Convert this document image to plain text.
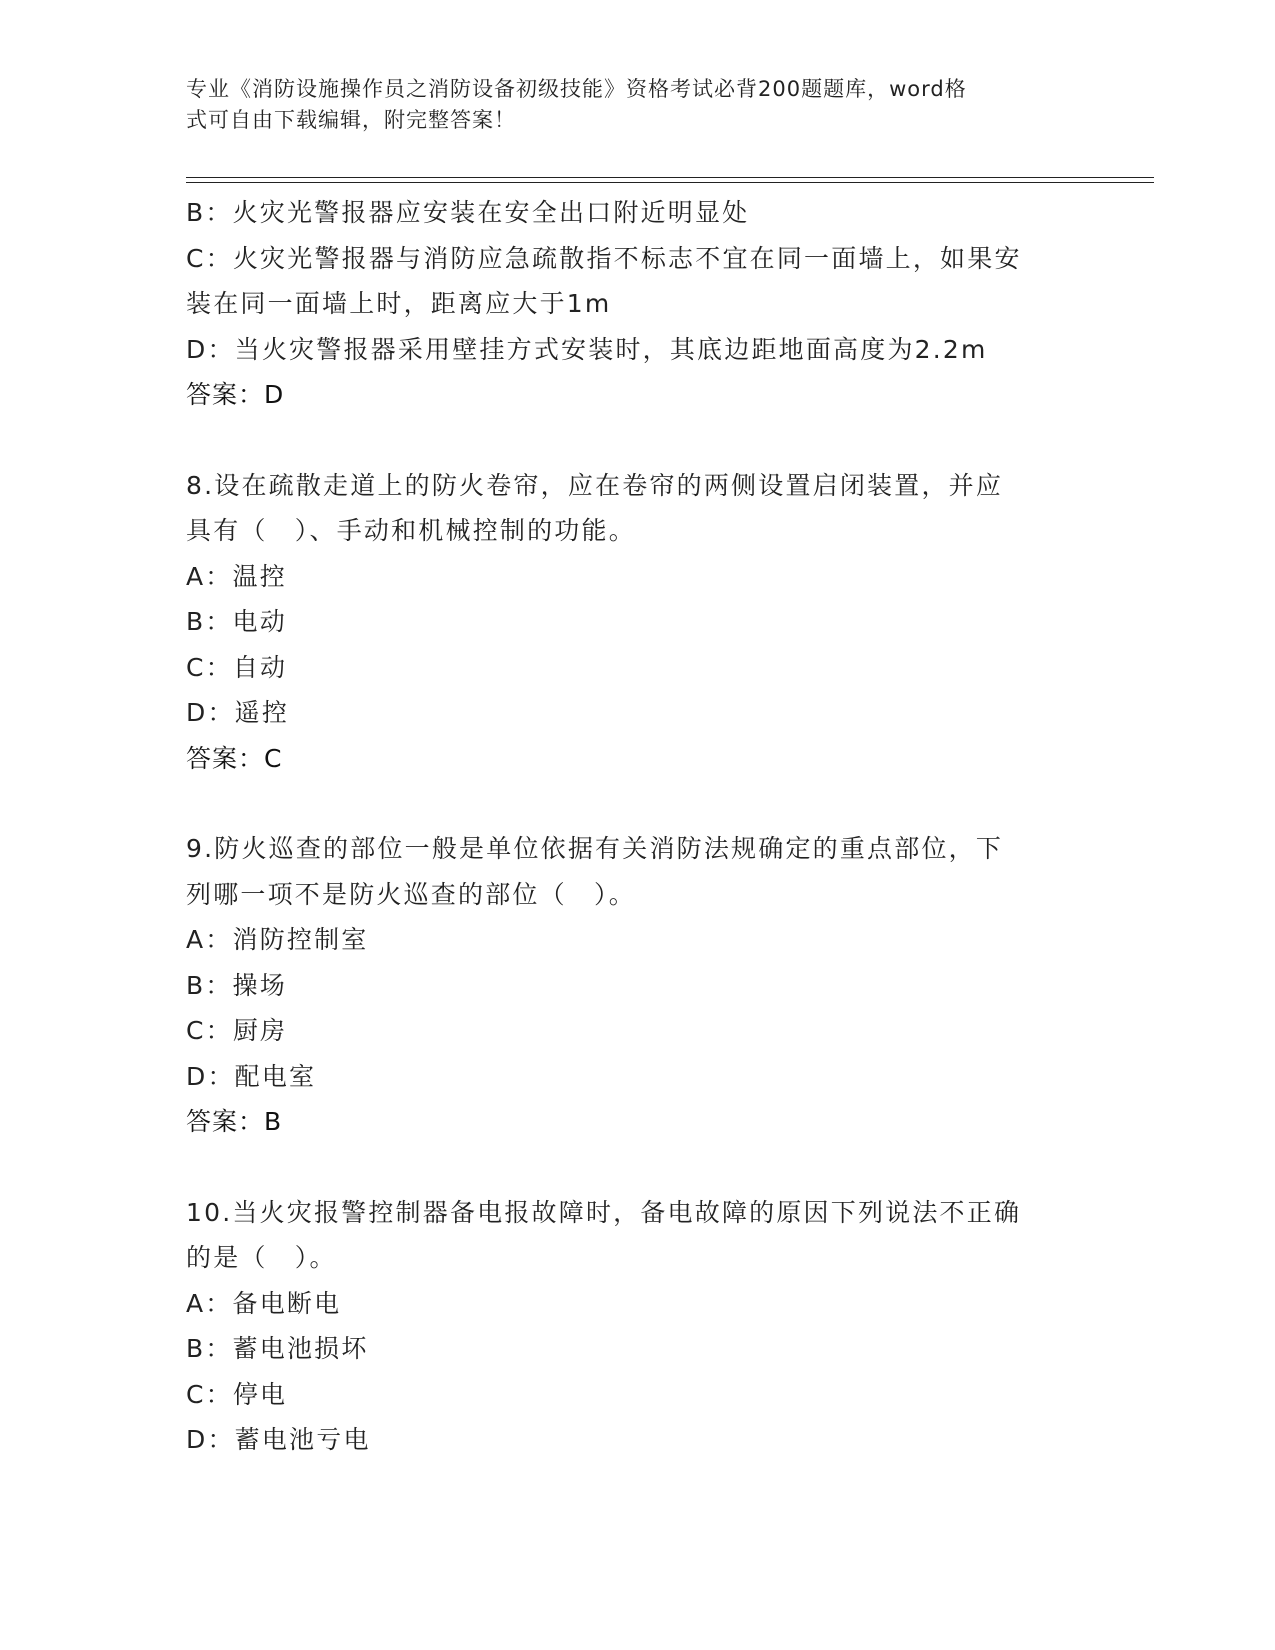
专业《消防设施操作员之消防设备初级技能》资格考试必背200题题库，word格
式可自由下载编辑，附完整答案！
B：火灾光警报器应安装在安全出口附近明显处
C：火灾光警报器与消防应急疏散指不标志不宜在同一面墙上，如果安
装在同一面墙上时，距离应大于1m
D：当火灾警报器采用壁挂方式安装时，其底边距地面高度为2.2m
答案：D
8.设在疏散走道上的防火卷帘，应在卷帘的两侧设置启闭装置，并应
具有（　）、手动和机械控制的功能。
A：温控
B：电动
C：自动
D：遥控
答案：C
9.防火巡查的部位一般是单位依据有关消防法规确定的重点部位，下
列哪一项不是防火巡查的部位（　）。
A：消防控制室
B：操场
C：厨房
D：配电室
答案：B
10.当火灾报警控制器备电报故障时，备电故障的原因下列说法不正确
的是（　）。
A：备电断电
B：蓄电池损坏
C：停电
D：蓄电池亏电
